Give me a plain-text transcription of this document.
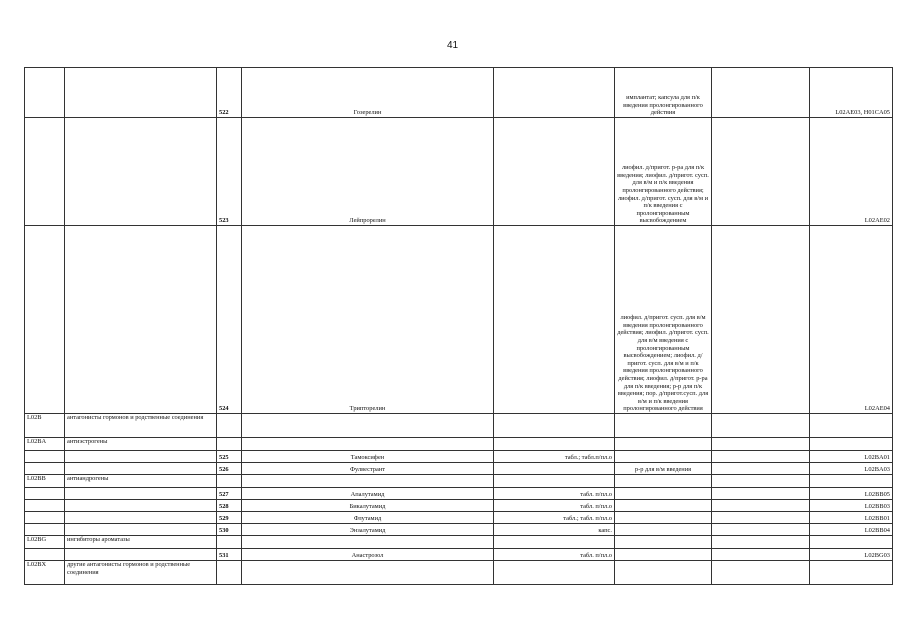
41
		522	Гозерелин		имплантат; капсула для п/к введения пролонгированного действия		L02AE03, H01CA05
		523	Лейпрорелин		лиофил. д/пригот. р-ра для п/к введения; лиофил. д/пригот. сусп. для в/м и п/к введения пролонгированного действия; лиофил. д/пригот. сусп. для в/м и п/к введения с пролонгированным высвобождением		L02AE02
		524	Трипторелин		лиофил. д/пригот. сусп. для в/м введения пролонгированного действия; лиофил. д/пригот. сусп. для в/м введения с пролонгированным высвобождением; лиофил. д/пригот. сусп. для в/м и п/к введения пролонгированного действия; лиофил. д/пригот. р-ра для п/к введения; р-р для п/к введения; пор. д/пригот.сусп. для в/м и п/к введения пролонгированного действия		L02AE04
L02B	антагонисты гормонов и родственные соединения						
L02BA	антиэстрогены						
		525	Тамоксифен	табл.; табл.п/пл.о			L02BA01
		526	Фулвестрант		р-р для в/м введения		L02BA03
L02BB	антиандрогены						
		527	Апалутамид	табл. п/пл.о			L02BB05
		528	Бикалутамид	табл. п/пл.о			L02BB03
		529	Флутамид	табл.; табл. п/пл.о			L02BB01
		530	Энзалутамид	капс.			L02BB04
L02BG	ингибиторы ароматазы						
		531	Анастрозол	табл. п/пл.о			L02BG03
L02BX	другие антагонисты гормонов и родственные соединения						
